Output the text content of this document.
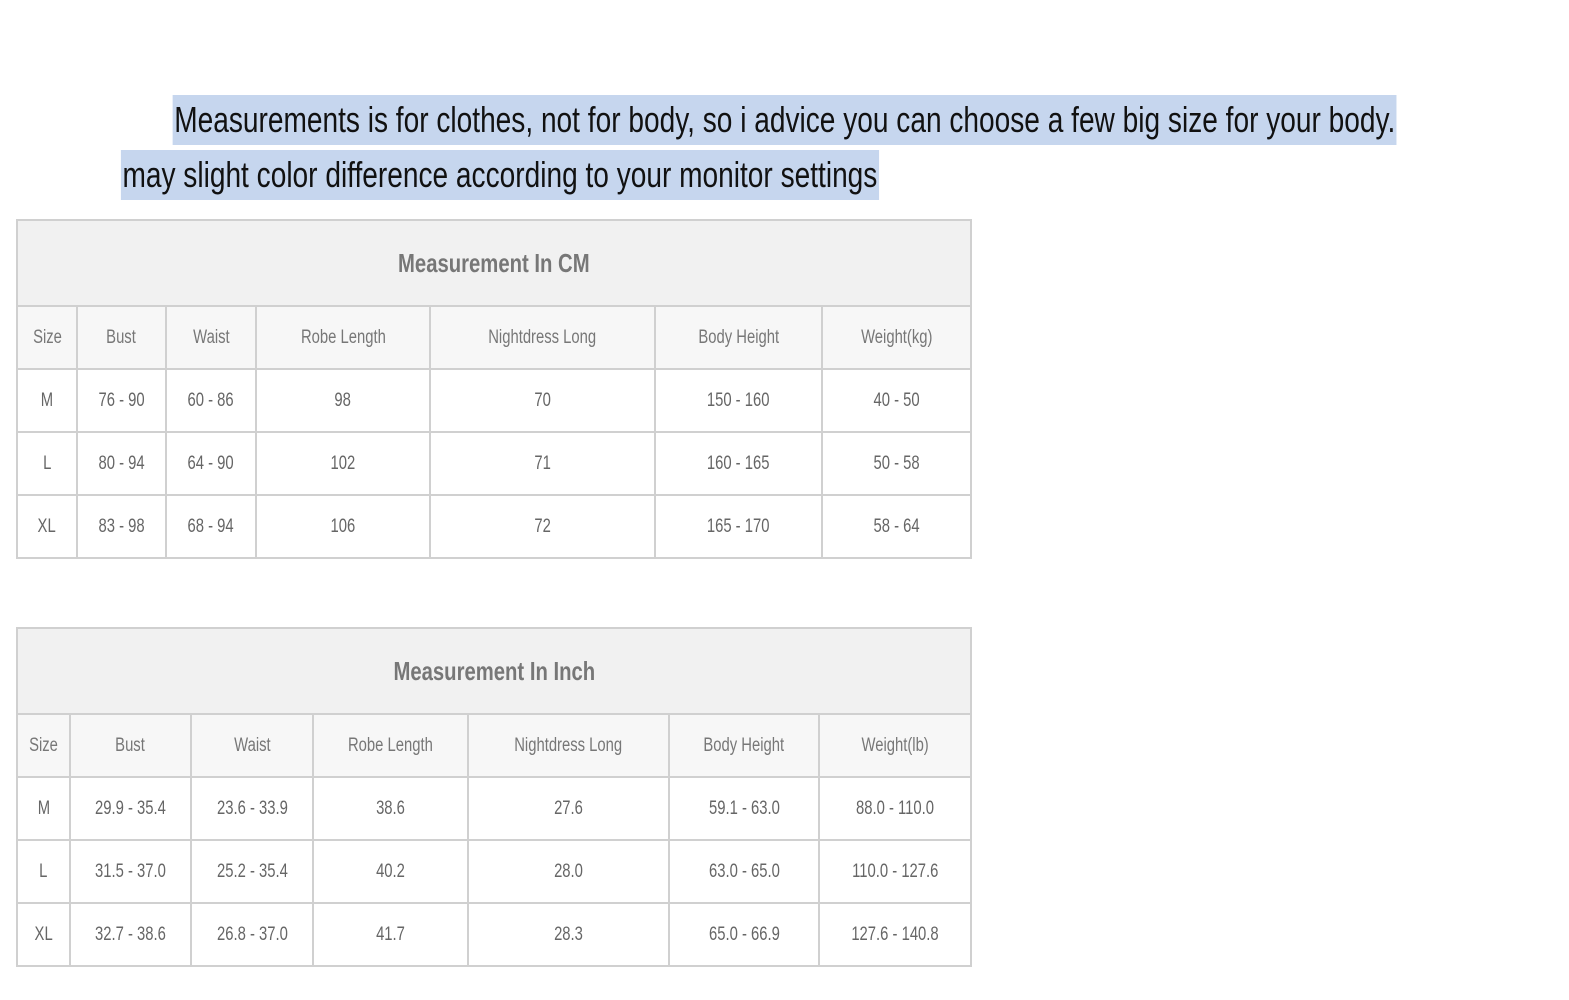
Measurements is for clothes, not for body, so i advice you can choose a few big size for your body.
may slight color difference according to your monitor settings
Measurement In CM						
Size	Bust	Waist	Robe Length	Nightdress Long	Body Height	Weight(kg)
M	76 - 90	60 - 86	98	70	150 - 160	40 - 50
L	80 - 94	64 - 90	102	71	160 - 165	50 - 58
XL	83 - 98	68 - 94	106	72	165 - 170	58 - 64
Measurement In Inch						
Size	Bust	Waist	Robe Length	Nightdress Long	Body Height	Weight(lb)
M	29.9 - 35.4	23.6 - 33.9	38.6	27.6	59.1 - 63.0	88.0 - 110.0
L	31.5 - 37.0	25.2 - 35.4	40.2	28.0	63.0 - 65.0	110.0 - 127.6
XL	32.7 - 38.6	26.8 - 37.0	41.7	28.3	65.0 - 66.9	127.6 - 140.8
